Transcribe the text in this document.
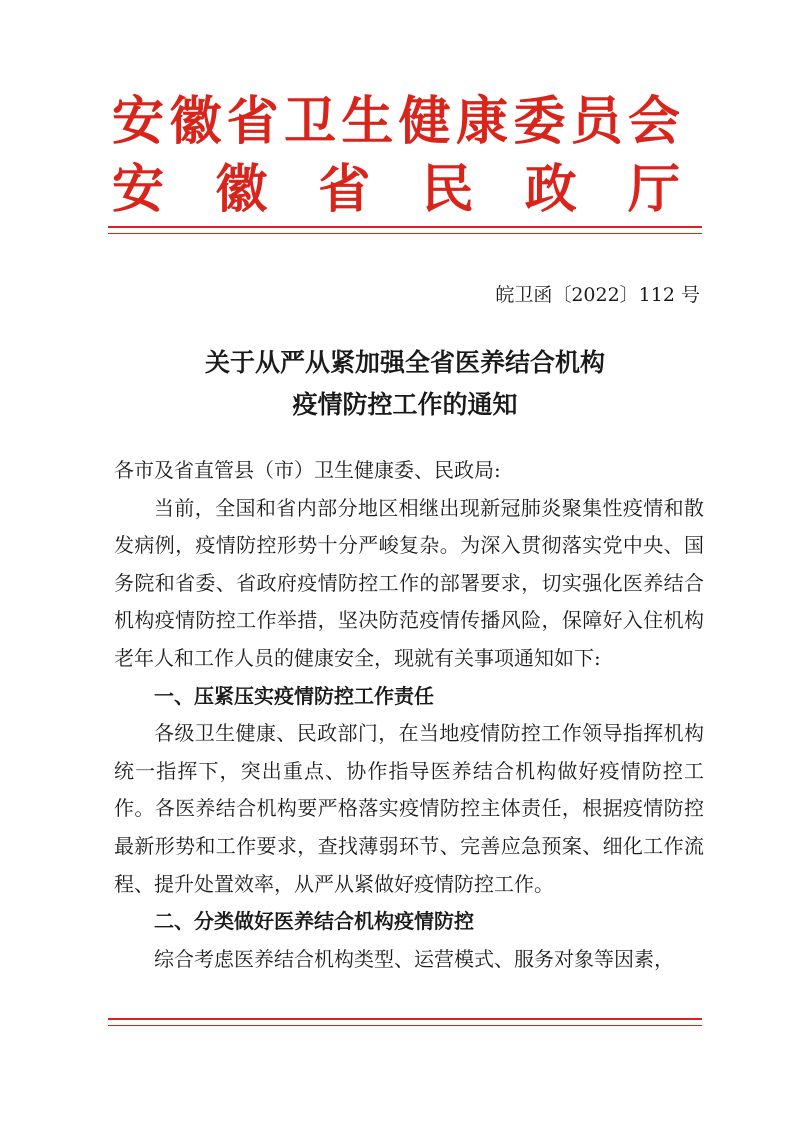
安徽省卫生健康委员会
安徽省民政厅
皖卫函〔2022〕112 号
关于从严从紧加强全省医养结合机构
疫情防控工作的通知

各市及省直管县（市）卫生健康委、民政局:

当前，全国和省内部分地区相继出现新冠肺炎聚集性疫情和散发病例，疫情防控形势十分严峻复杂。为深入贯彻落实党中央、国务院和省委、省政府疫情防控工作的部署要求，切实强化医养结合机构疫情防控工作举措，坚决防范疫情传播风险，保障好入住机构老年人和工作人员的健康安全，现就有关事项通知如下:

一、压紧压实疫情防控工作责任

各级卫生健康、民政部门，在当地疫情防控工作领导指挥机构统一指挥下，突出重点、协作指导医养结合机构做好疫情防控工作。各医养结合机构要严格落实疫情防控主体责任，根据疫情防控最新形势和工作要求，查找薄弱环节、完善应急预案、细化工作流程、提升处置效率，从严从紧做好疫情防控工作。

二、分类做好医养结合机构疫情防控

综合考虑医养结合机构类型、运营模式、服务对象等因素，
